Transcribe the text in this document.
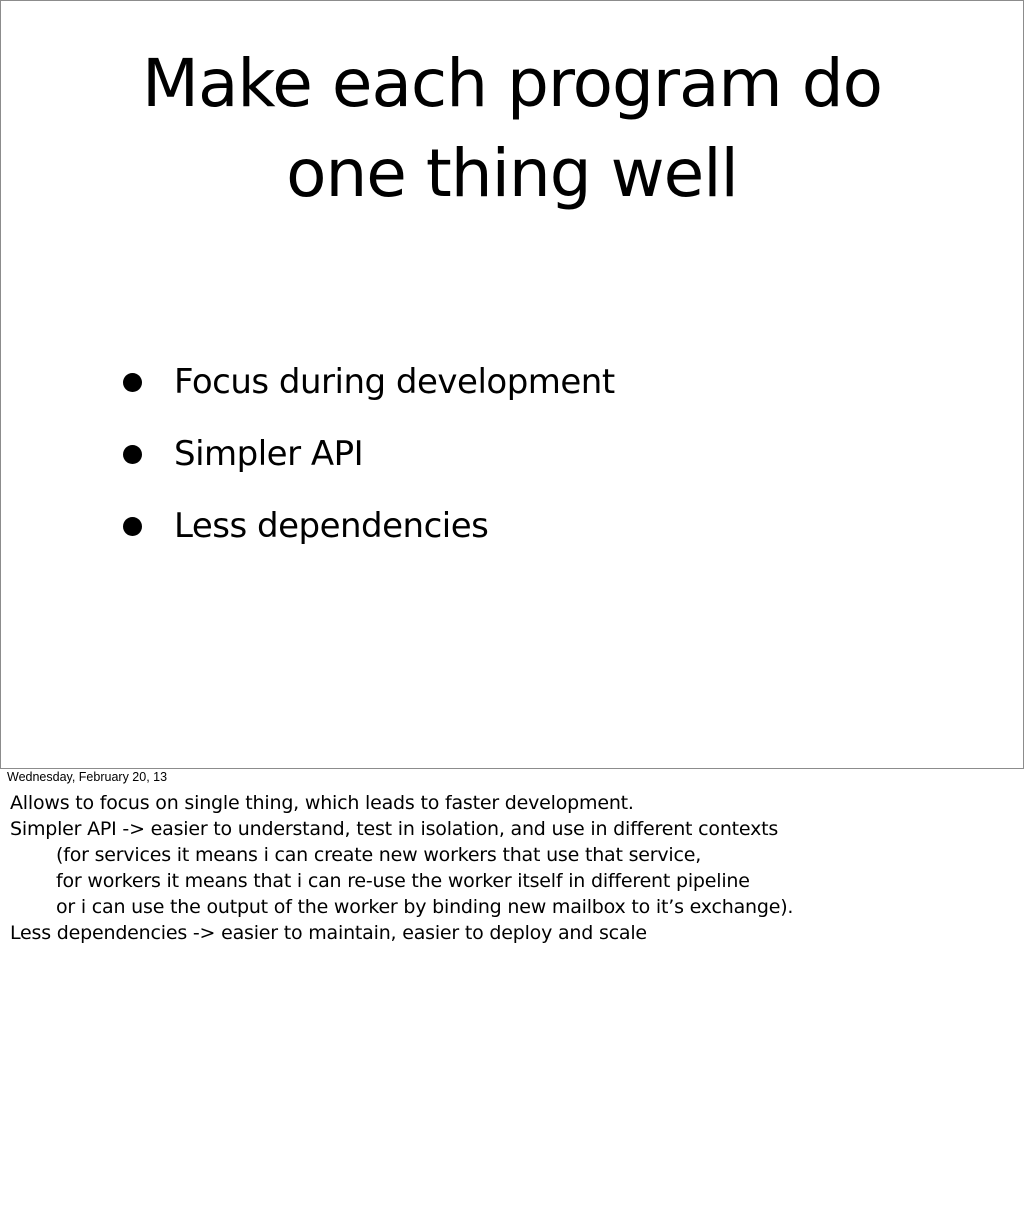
Make each program do
one thing well
Focus during development
Simpler API
Less dependencies
Wednesday, February 20, 13
Allows to focus on single thing, which leads to faster development.
Simpler API -> easier to understand, test in isolation, and use in different contexts
(for services it means i can create new workers that use that service,
for workers it means that i can re-use the worker itself in different pipeline
or i can use the output of the worker by binding new mailbox to it’s exchange).
Less dependencies -> easier to maintain, easier to deploy and scale
